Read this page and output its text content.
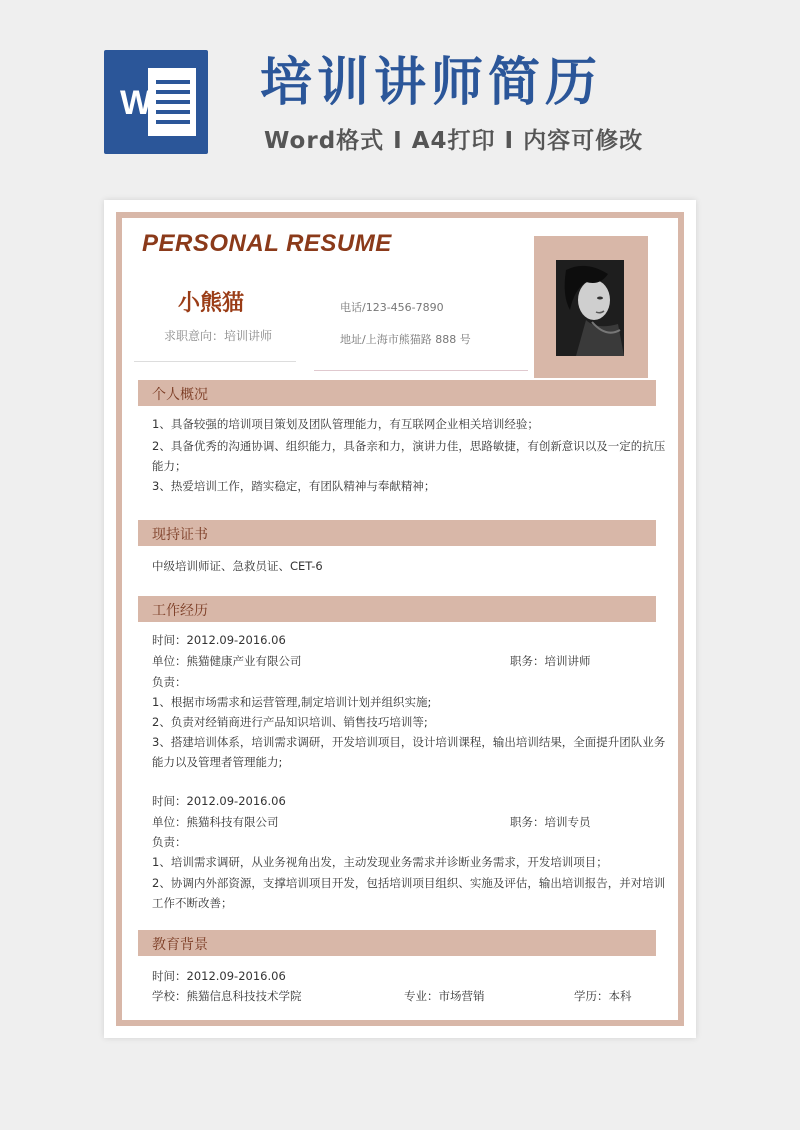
W 培训讲师简历
Word格式 I A4打印 I 内容可修改
PERSONAL RESUME
小熊猫
求职意向：培训讲师
电话/123-456-7890
地址/上海市熊猫路 888 号
个人概况
1、具备较强的培训项目策划及团队管理能力，有互联网企业相关培训经验；
2、具备优秀的沟通协调、组织能力，具备亲和力，演讲力佳，思路敏捷，有创新意识以及一定的抗压
能力；
3、热爱培训工作，踏实稳定，有团队精神与奉献精神；
现持证书
中级培训师证、急救员证、CET-6
工作经历
时间：2012.09-2016.06
单位：熊猫健康产业有限公司	职务：培训讲师
负责：
1、根据市场需求和运营管理,制定培训计划并组织实施;
2、负责对经销商进行产品知识培训、销售技巧培训等;
3、搭建培训体系，培训需求调研，开发培训项目，设计培训课程，输出培训结果，全面提升团队业务
能力以及管理者管理能力;
时间：2012.09-2016.06
单位：熊猫科技有限公司	职务：培训专员
负责：
1、培训需求调研，从业务视角出发，主动发现业务需求并诊断业务需求，开发培训项目；
2、协调内外部资源，支撑培训项目开发，包括培训项目组织、实施及评估，输出培训报告，并对培训
工作不断改善；
教育背景
时间：2012.09-2016.06
学校：熊猫信息科技技术学院	专业：市场营销	学历：本科
